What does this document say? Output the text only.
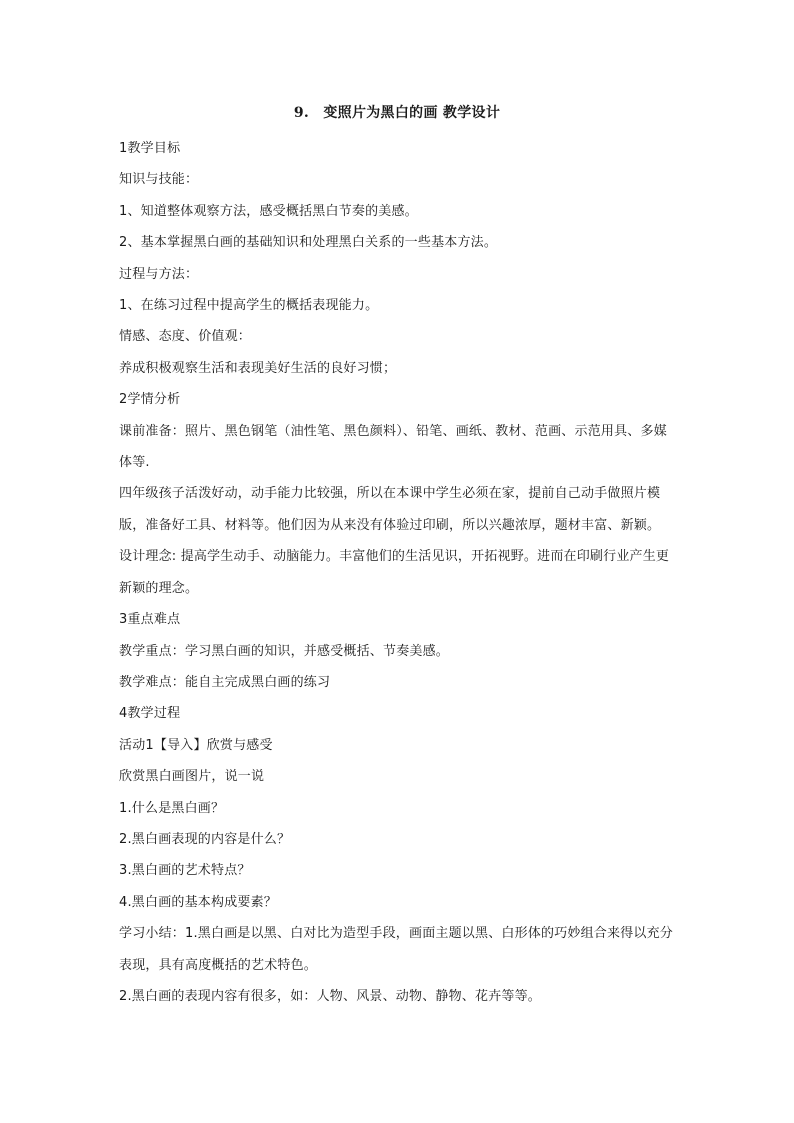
9.　变照片为黑白的画 教学设计

1教学目标

知识与技能：

1、知道整体观察方法，感受概括黑白节奏的美感。

2、基本掌握黑白画的基础知识和处理黑白关系的一些基本方法。

过程与方法：

1、在练习过程中提高学生的概括表现能力。

情感、态度、价值观：

养成积极观察生活和表现美好生活的良好习惯；

2学情分析

课前准备：照片、黑色钢笔（油性笔、黑色颜料）、铅笔、画纸、教材、范画、示范用具、多媒体等.

四年级孩子活泼好动，动手能力比较强，所以在本课中学生必须在家，提前自己动手做照片模版，准备好工具、材料等。他们因为从来没有体验过印刷，所以兴趣浓厚，题材丰富、新颖。

设计理念: 提高学生动手、动脑能力。丰富他们的生活见识，开拓视野。进而在印刷行业产生更新颖的理念。

3重点难点

教学重点：学习黑白画的知识，并感受概括、节奏美感。

教学难点：能自主完成黑白画的练习

4教学过程

活动1【导入】欣赏与感受

欣赏黑白画图片，说一说

1.什么是黑白画？

2.黑白画表现的内容是什么？

3.黑白画的艺术特点？

4.黑白画的基本构成要素？

学习小结：1.黑白画是以黑、白对比为造型手段，画面主题以黑、白形体的巧妙组合来得以充分表现，具有高度概括的艺术特色。

2.黑白画的表现内容有很多，如：人物、风景、动物、静物、花卉等等。
